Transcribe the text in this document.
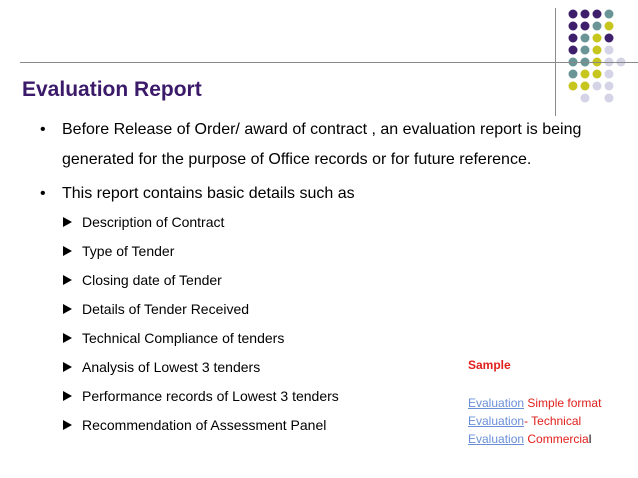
Evaluation Report
• Before Release of Order/ award of contract , an evaluation report is being generated for the purpose of Office records or for future reference.
• This report contains basic details such as
Description of Contract
Type of Tender
Closing date of Tender
Details of Tender Received
Technical Compliance of tenders
Analysis of Lowest 3 tenders
Performance records of Lowest 3 tenders
Recommendation of Assessment Panel
Sample
Evaluation Simple format
Evaluation- Technical
Evaluation Commercial
